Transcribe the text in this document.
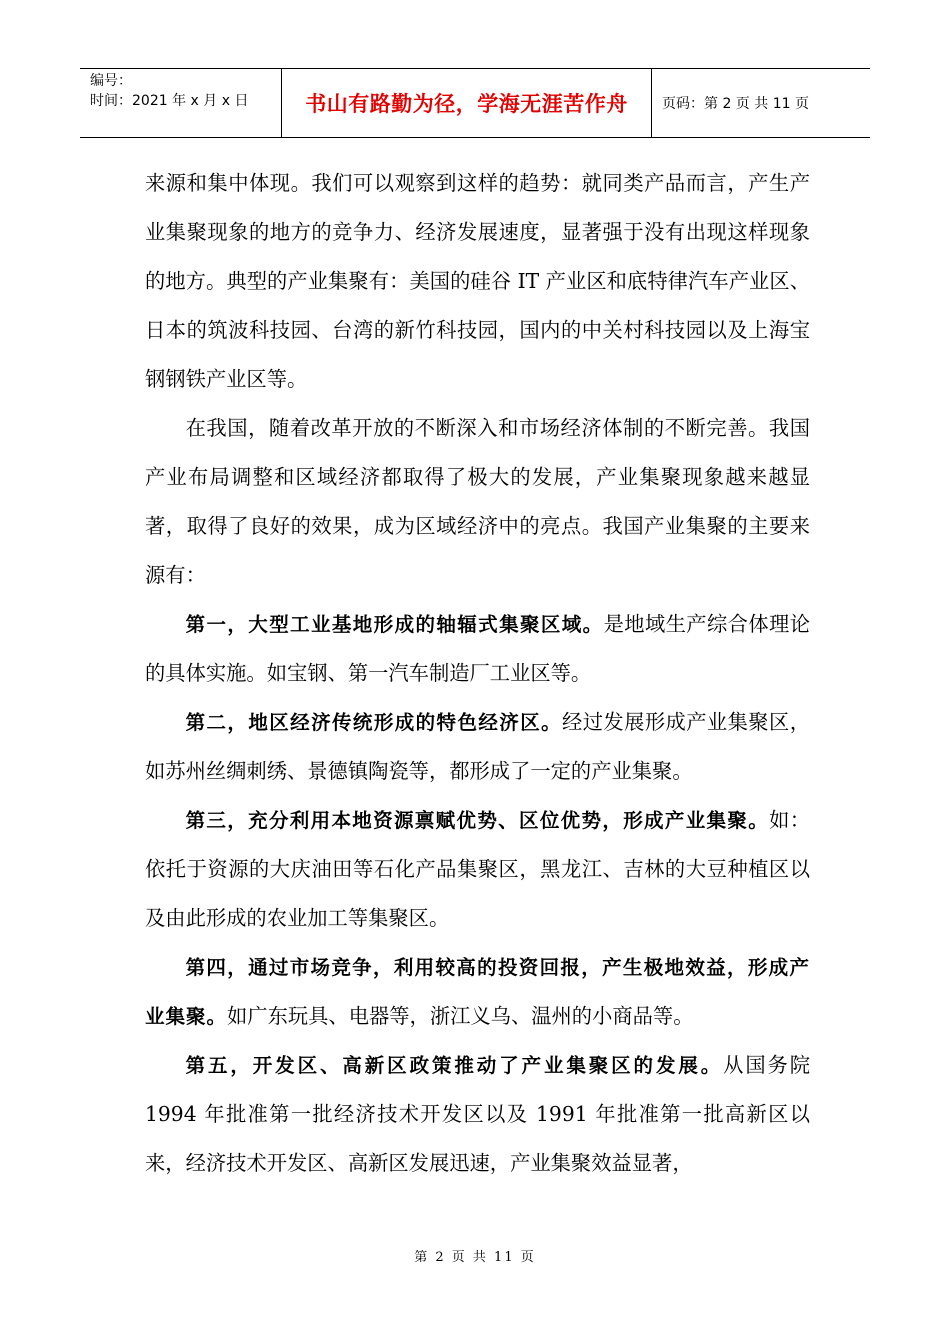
编号：
时间：2021 年 x 月 x 日	书山有路勤为径，学海无涯苦作舟	页码：第 2 页 共 11 页

来源和集中体现。我们可以观察到这样的趋势：就同类产品而言，产生产业集聚现象的地方的竞争力、经济发展速度，显著强于没有出现这样现象的地方。典型的产业集聚有：美国的硅谷 IT 产业区和底特律汽车产业区、日本的筑波科技园、台湾的新竹科技园，国内的中关村科技园以及上海宝钢钢铁产业区等。

在我国，随着改革开放的不断深入和市场经济体制的不断完善。我国产业布局调整和区域经济都取得了极大的发展，产业集聚现象越来越显著，取得了良好的效果，成为区域经济中的亮点。我国产业集聚的主要来源有：

第一，大型工业基地形成的轴辐式集聚区域。是地域生产综合体理论的具体实施。如宝钢、第一汽车制造厂工业区等。

第二，地区经济传统形成的特色经济区。经过发展形成产业集聚区，如苏州丝绸刺绣、景德镇陶瓷等，都形成了一定的产业集聚。

第三，充分利用本地资源禀赋优势、区位优势，形成产业集聚。如：依托于资源的大庆油田等石化产品集聚区，黑龙江、吉林的大豆种植区以及由此形成的农业加工等集聚区。

第四，通过市场竞争，利用较高的投资回报，产生极地效益，形成产业集聚。如广东玩具、电器等，浙江义乌、温州的小商品等。

第五，开发区、高新区政策推动了产业集聚区的发展。从国务院 1994 年批准第一批经济技术开发区以及 1991 年批准第一批高新区以来，经济技术开发区、高新区发展迅速，产业集聚效益显著，

第 2 页 共 11 页
